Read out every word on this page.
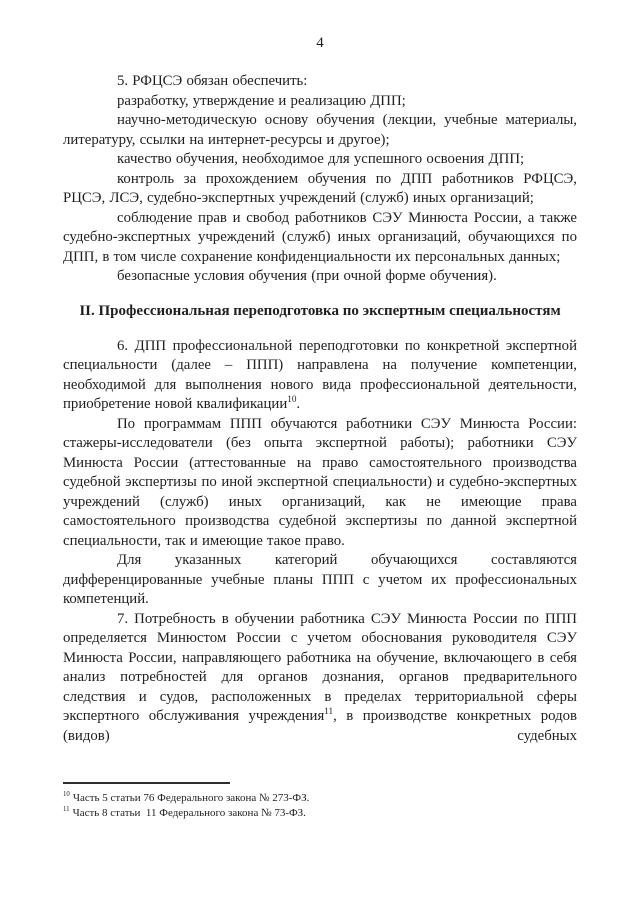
4

5. РФЦСЭ обязан обеспечить:

разработку, утверждение и реализацию ДПП;

научно-методическую основу обучения (лекции, учебные материалы, литературу, ссылки на интернет-ресурсы и другое);

качество обучения, необходимое для успешного освоения ДПП;

контроль за прохождением обучения по ДПП работников РФЦСЭ, РЦСЭ, ЛСЭ, судебно-экспертных учреждений (служб) иных организаций;

соблюдение прав и свобод работников СЭУ Минюста России, а также судебно-экспертных учреждений (служб) иных организаций, обучающихся по ДПП, в том числе сохранение конфиденциальности их персональных данных;

безопасные условия обучения (при очной форме обучения).

II. Профессиональная переподготовка по экспертным специальностям

6. ДПП профессиональной переподготовки по конкретной экспертной специальности (далее – ППП) направлена на получение компетенции, необходимой для выполнения нового вида профессиональной деятельности, приобретение новой квалификации$^{10}$.

По программам ППП обучаются работники СЭУ Минюста России: стажеры-исследователи (без опыта экспертной работы); работники СЭУ Минюста России (аттестованные на право самостоятельного производства судебной экспертизы по иной экспертной специальности) и судебно-экспертных учреждений (служб) иных организаций, как не имеющие права самостоятельного производства судебной экспертизы по данной экспертной специальности, так и имеющие такое право.

Для указанных категорий обучающихся составляются дифференцированные учебные планы ППП с учетом их профессиональных компетенций.

7. Потребность в обучении работника СЭУ Минюста России по ППП определяется Минюстом России с учетом обоснования руководителя СЭУ Минюста России, направляющего работника на обучение, включающего в себя анализ потребностей для органов дознания, органов предварительного следствия и судов, расположенных в пределах территориальной сферы экспертного обслуживания учреждения$^{11}$, в производстве конкретных родов (видов) судебных

$^{10}$ Часть 5 статьи 76 Федерального закона № 273-ФЗ.

$^{11}$ Часть 8 статьи  11 Федерального закона № 73-ФЗ.
